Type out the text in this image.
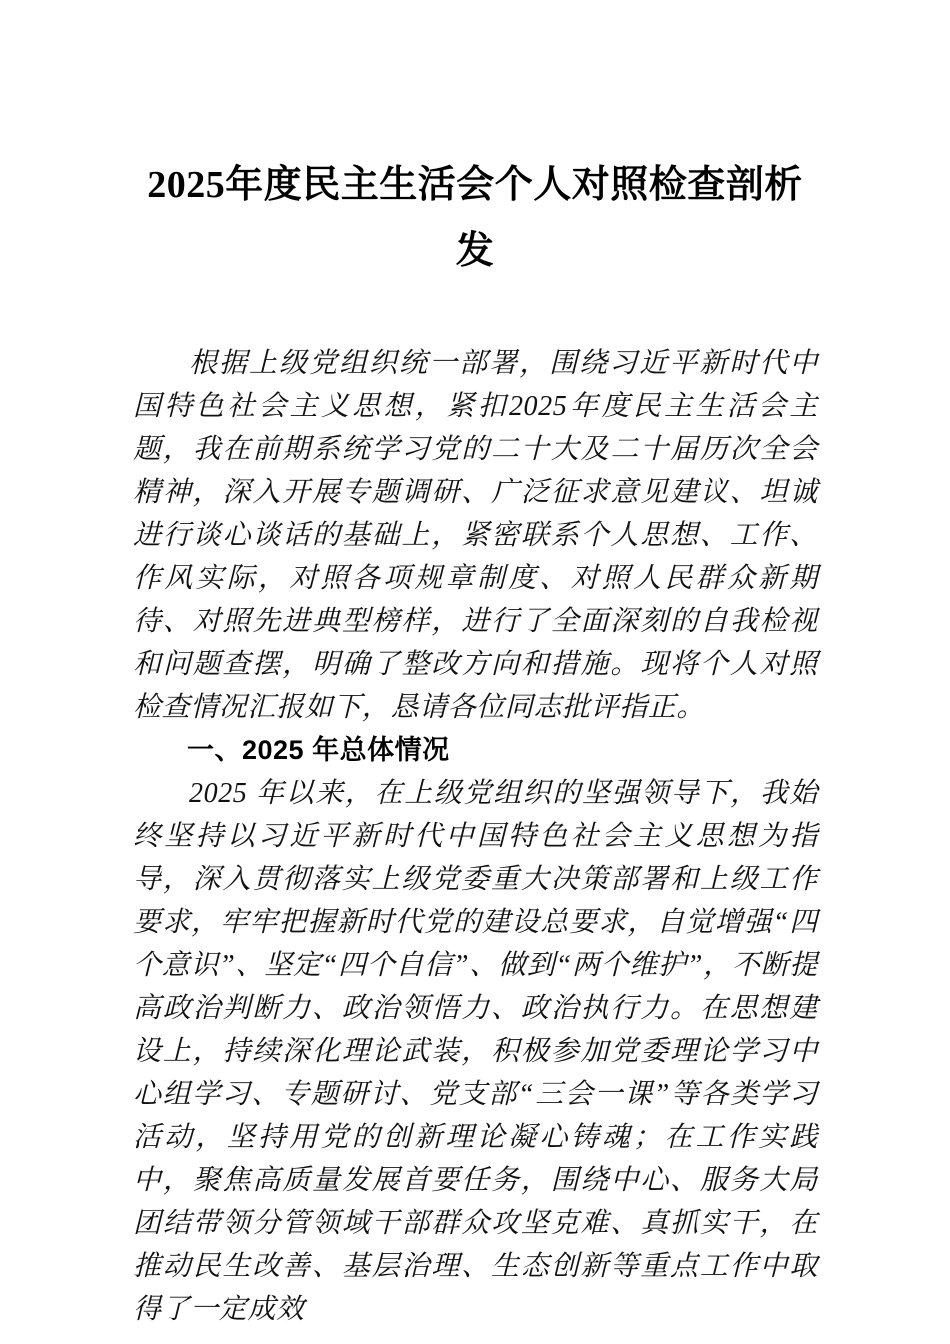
2025年度民主生活会个人对照检查剖析发

根据上级党组织统一部署，围绕习近平新时代中国特色社会主义思想，紧扣2025年度民主生活会主题，我在前期系统学习党的二十大及二十届历次全会精神，深入开展专题调研、广泛征求意见建议、坦诚进行谈心谈话的基础上，紧密联系个人思想、工作、作风实际，对照各项规章制度、对照人民群众新期待、对照先进典型榜样，进行了全面深刻的自我检视和问题查摆，明确了整改方向和措施。现将个人对照检查情况汇报如下，恳请各位同志批评指正。

一、2025 年总体情况

2025 年以来，在上级党组织的坚强领导下，我始终坚持以习近平新时代中国特色社会主义思想为指导，深入贯彻落实上级党委重大决策部署和上级工作要求，牢牢把握新时代党的建设总要求，自觉增强“四个意识”、坚定“四个自信”、做到“两个维护”，不断提高政治判断力、政治领悟力、政治执行力。在思想建设上，持续深化理论武装，积极参加党委理论学习中心组学习、专题研讨、党支部“三会一课”等各类学习活动，坚持用党的创新理论凝心铸魂；在工作实践中，聚焦高质量发展首要任务，围绕中心、服务大局团结带领分管领域干部群众攻坚克难、真抓实干，在推动民生改善、基层治理、生态创新等重点工作中取得了一定成效
